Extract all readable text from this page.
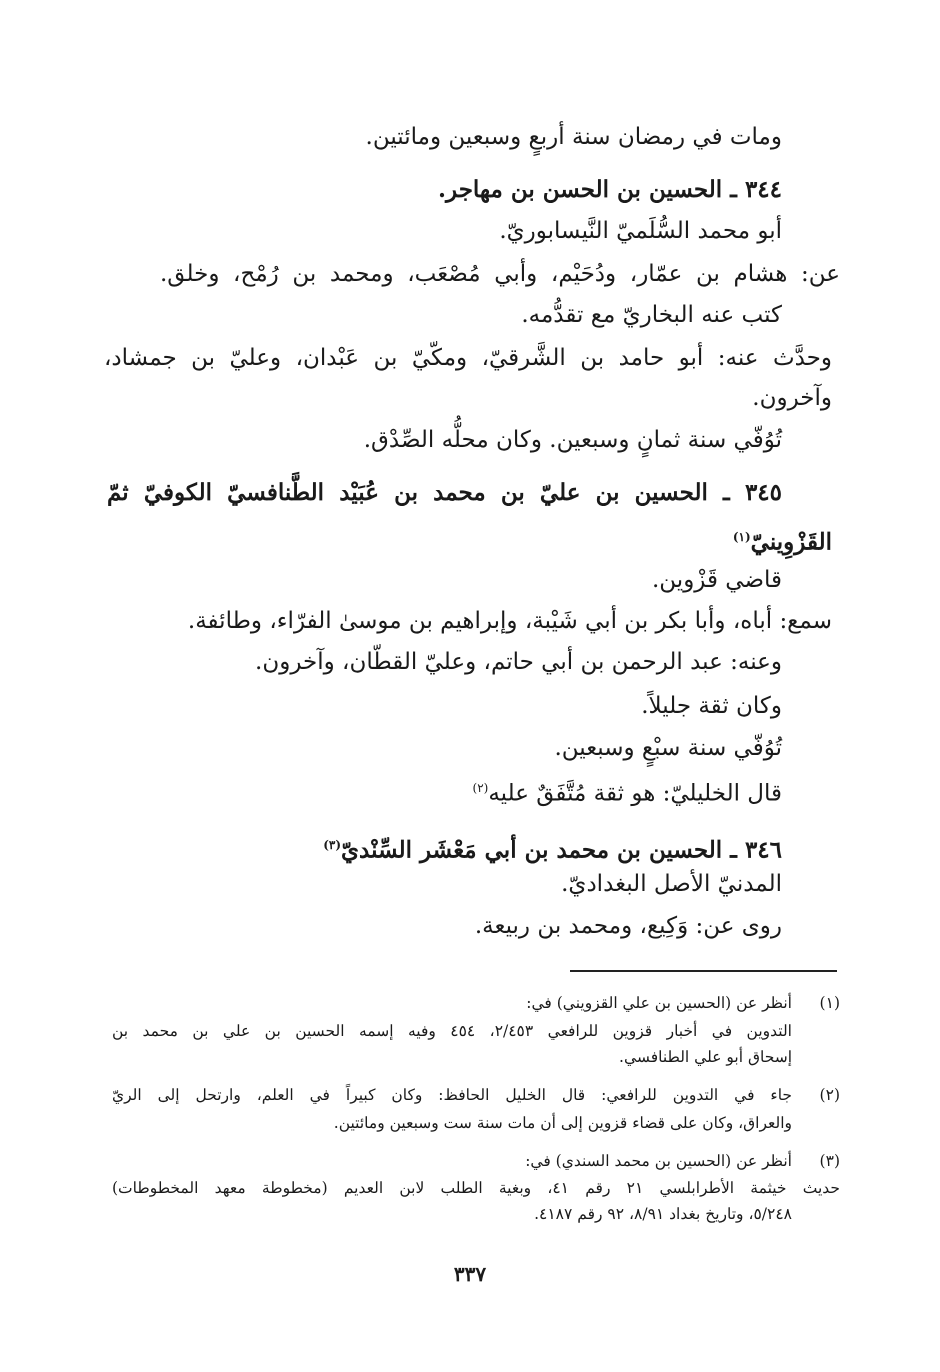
ومات في رمضان سنة أربعٍ وسبعين ومائتين.
٣٤٤ ـ الحسين بن الحسن بن مهاجر.
أبو محمد السُّلَميّ النَّيسابوريّ.
عن: هشام بن عمّار، ودُحَيْم، وأبي مُصْعَب، ومحمد بن رُمْح، وخلق.
كتب عنه البخاريّ مع تقدُّمه.
وحدَّث عنه: أبو حامد بن الشَّرقيّ، ومكّيّ بن عَبْدان، وعليّ بن جمشاد،
وآخرون.
تُوُفّي سنة ثمانٍ وسبعين. وكان محلُّه الصِّدْق.
٣٤٥ ـ الحسين بن عليّ بن محمد بن عُبَيْد الطَّنافسيّ الكوفيّ ثمّ
القَزْوِينيّ$^{(١)}$
قاضي قَزْوين.
سمع: أباه، وأبا بكر بن أبي شَيْبة، وإبراهيم بن موسىٰ الفرّاء، وطائفة.
وعنه: عبد الرحمن بن أبي حاتم، وعليّ القطّان، وآخرون.
وكان ثقة جليلاً.
تُوُفّي سنة سبْعٍ وسبعين.
قال الخليليّ: هو ثقة مُتَّفَقٌ عليه$^{(٢)}$
٣٤٦ ـ الحسين بن محمد بن أبي مَعْشَر السِّنْديّ$^{(٣)}$
المدنيّ الأصل البغداديّ.
روى عن: وَكِيع، ومحمد بن ربيعة.
(١)
أنظر عن (الحسين بن علي القزويني) في:
التدوين في أخبار قزوين للرافعي ٢/٤٥٣، ٤٥٤ وفيه إسمه الحسين بن علي بن محمد بن
إسحاق أبو علي الطنافسي.
(٢)
جاء في التدوين للرافعي: قال الخليل الحافظ: وكان كبيراً في العلم، وارتحل إلى الريّ
والعراق، وكان على قضاء قزوين إلى أن مات سنة ست وسبعين ومائتين.
(٣)
أنظر عن (الحسين بن محمد السندي) في:
حديث خيثمة الأطرابلسي ٢١ رقم ٤١، وبغية الطلب لابن العديم (مخطوطة معهد المخطوطات)
٥/٢٤٨، وتاريخ بغداد ٨/٩١، ٩٢ رقم ٤١٨٧.
٣٣٧
